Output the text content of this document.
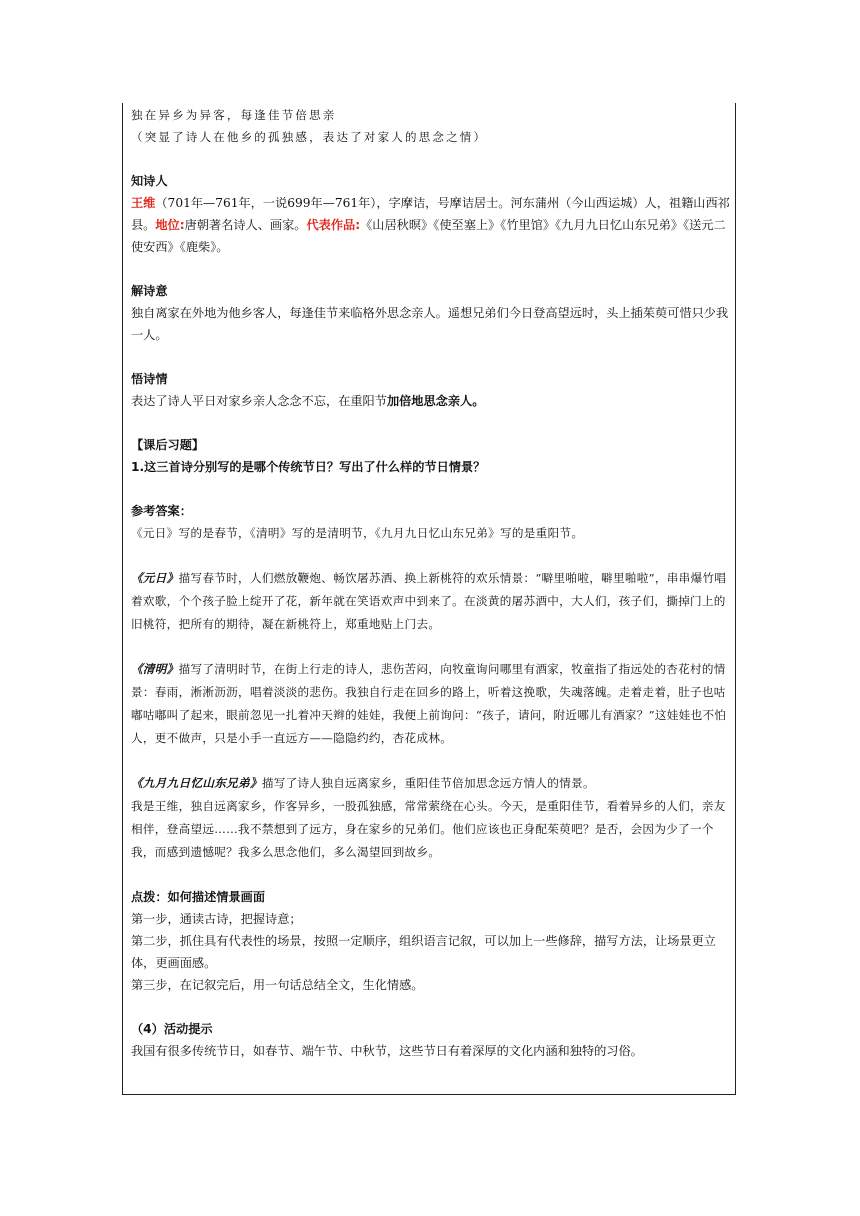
独在异乡为异客，每逢佳节倍思亲

（突显了诗人在他乡的孤独感，表达了对家人的思念之情）

知诗人

王维（701年—761年，一说699年—761年），字摩诘，号摩诘居士。河东蒲州（今山西运城）人，祖籍山西祁县。地位:唐朝著名诗人、画家。代表作品:《山居秋暝》《使至塞上》《竹里馆》《九月九日忆山东兄弟》《送元二使安西》《鹿柴》。

解诗意

独自离家在外地为他乡客人，每逢佳节来临格外思念亲人。遥想兄弟们今日登高望远时，头上插茱萸可惜只少我一人。

悟诗情

表达了诗人平日对家乡亲人念念不忘，在重阳节加倍地思念亲人。

【课后习题】

1.这三首诗分别写的是哪个传统节日？写出了什么样的节日情景？

参考答案：

《元日》写的是春节，《清明》写的是清明节，《九月九日忆山东兄弟》写的是重阳节。

《元日》描写春节时，人们燃放鞭炮、畅饮屠苏酒、换上新桃符的欢乐情景：“噼里啪啦，噼里啪啦”，串串爆竹唱着欢歌，个个孩子脸上绽开了花，新年就在笑语欢声中到来了。在淡黄的屠苏酒中，大人们，孩子们，撕掉门上的旧桃符，把所有的期待，凝在新桃符上，郑重地贴上门去。

《清明》描写了清明时节，在街上行走的诗人，悲伤苦闷，向牧童询问哪里有酒家，牧童指了指远处的杏花村的情景：春雨，淅淅沥沥，唱着淡淡的悲伤。我独自行走在回乡的路上，听着这挽歌，失魂落魄。走着走着，肚子也咕嘟咕嘟叫了起来，眼前忽见一扎着冲天辫的娃娃，我便上前询问：“孩子，请问，附近哪儿有酒家？”这娃娃也不怕人，更不做声，只是小手一直远方——隐隐约约，杏花成林。

《九月九日忆山东兄弟》描写了诗人独自远离家乡，重阳佳节倍加思念远方情人的情景。

我是王维，独自远离家乡，作客异乡，一股孤独感，常常萦绕在心头。今天，是重阳佳节，看着异乡的人们，亲友相伴，登高望远……我不禁想到了远方，身在家乡的兄弟们。他们应该也正身配茱萸吧？是否，会因为少了一个我，而感到遗憾呢？我多么思念他们，多么渴望回到故乡。

点拨：如何描述情景画面

第一步，通读古诗，把握诗意；

第二步，抓住具有代表性的场景，按照一定顺序，组织语言记叙，可以加上一些修辞，描写方法，让场景更立体，更画面感。

第三步，在记叙完后，用一句话总结全文，生化情感。

（4）活动提示

我国有很多传统节日，如春节、端午节、中秋节，这些节日有着深厚的文化内涵和独特的习俗。
